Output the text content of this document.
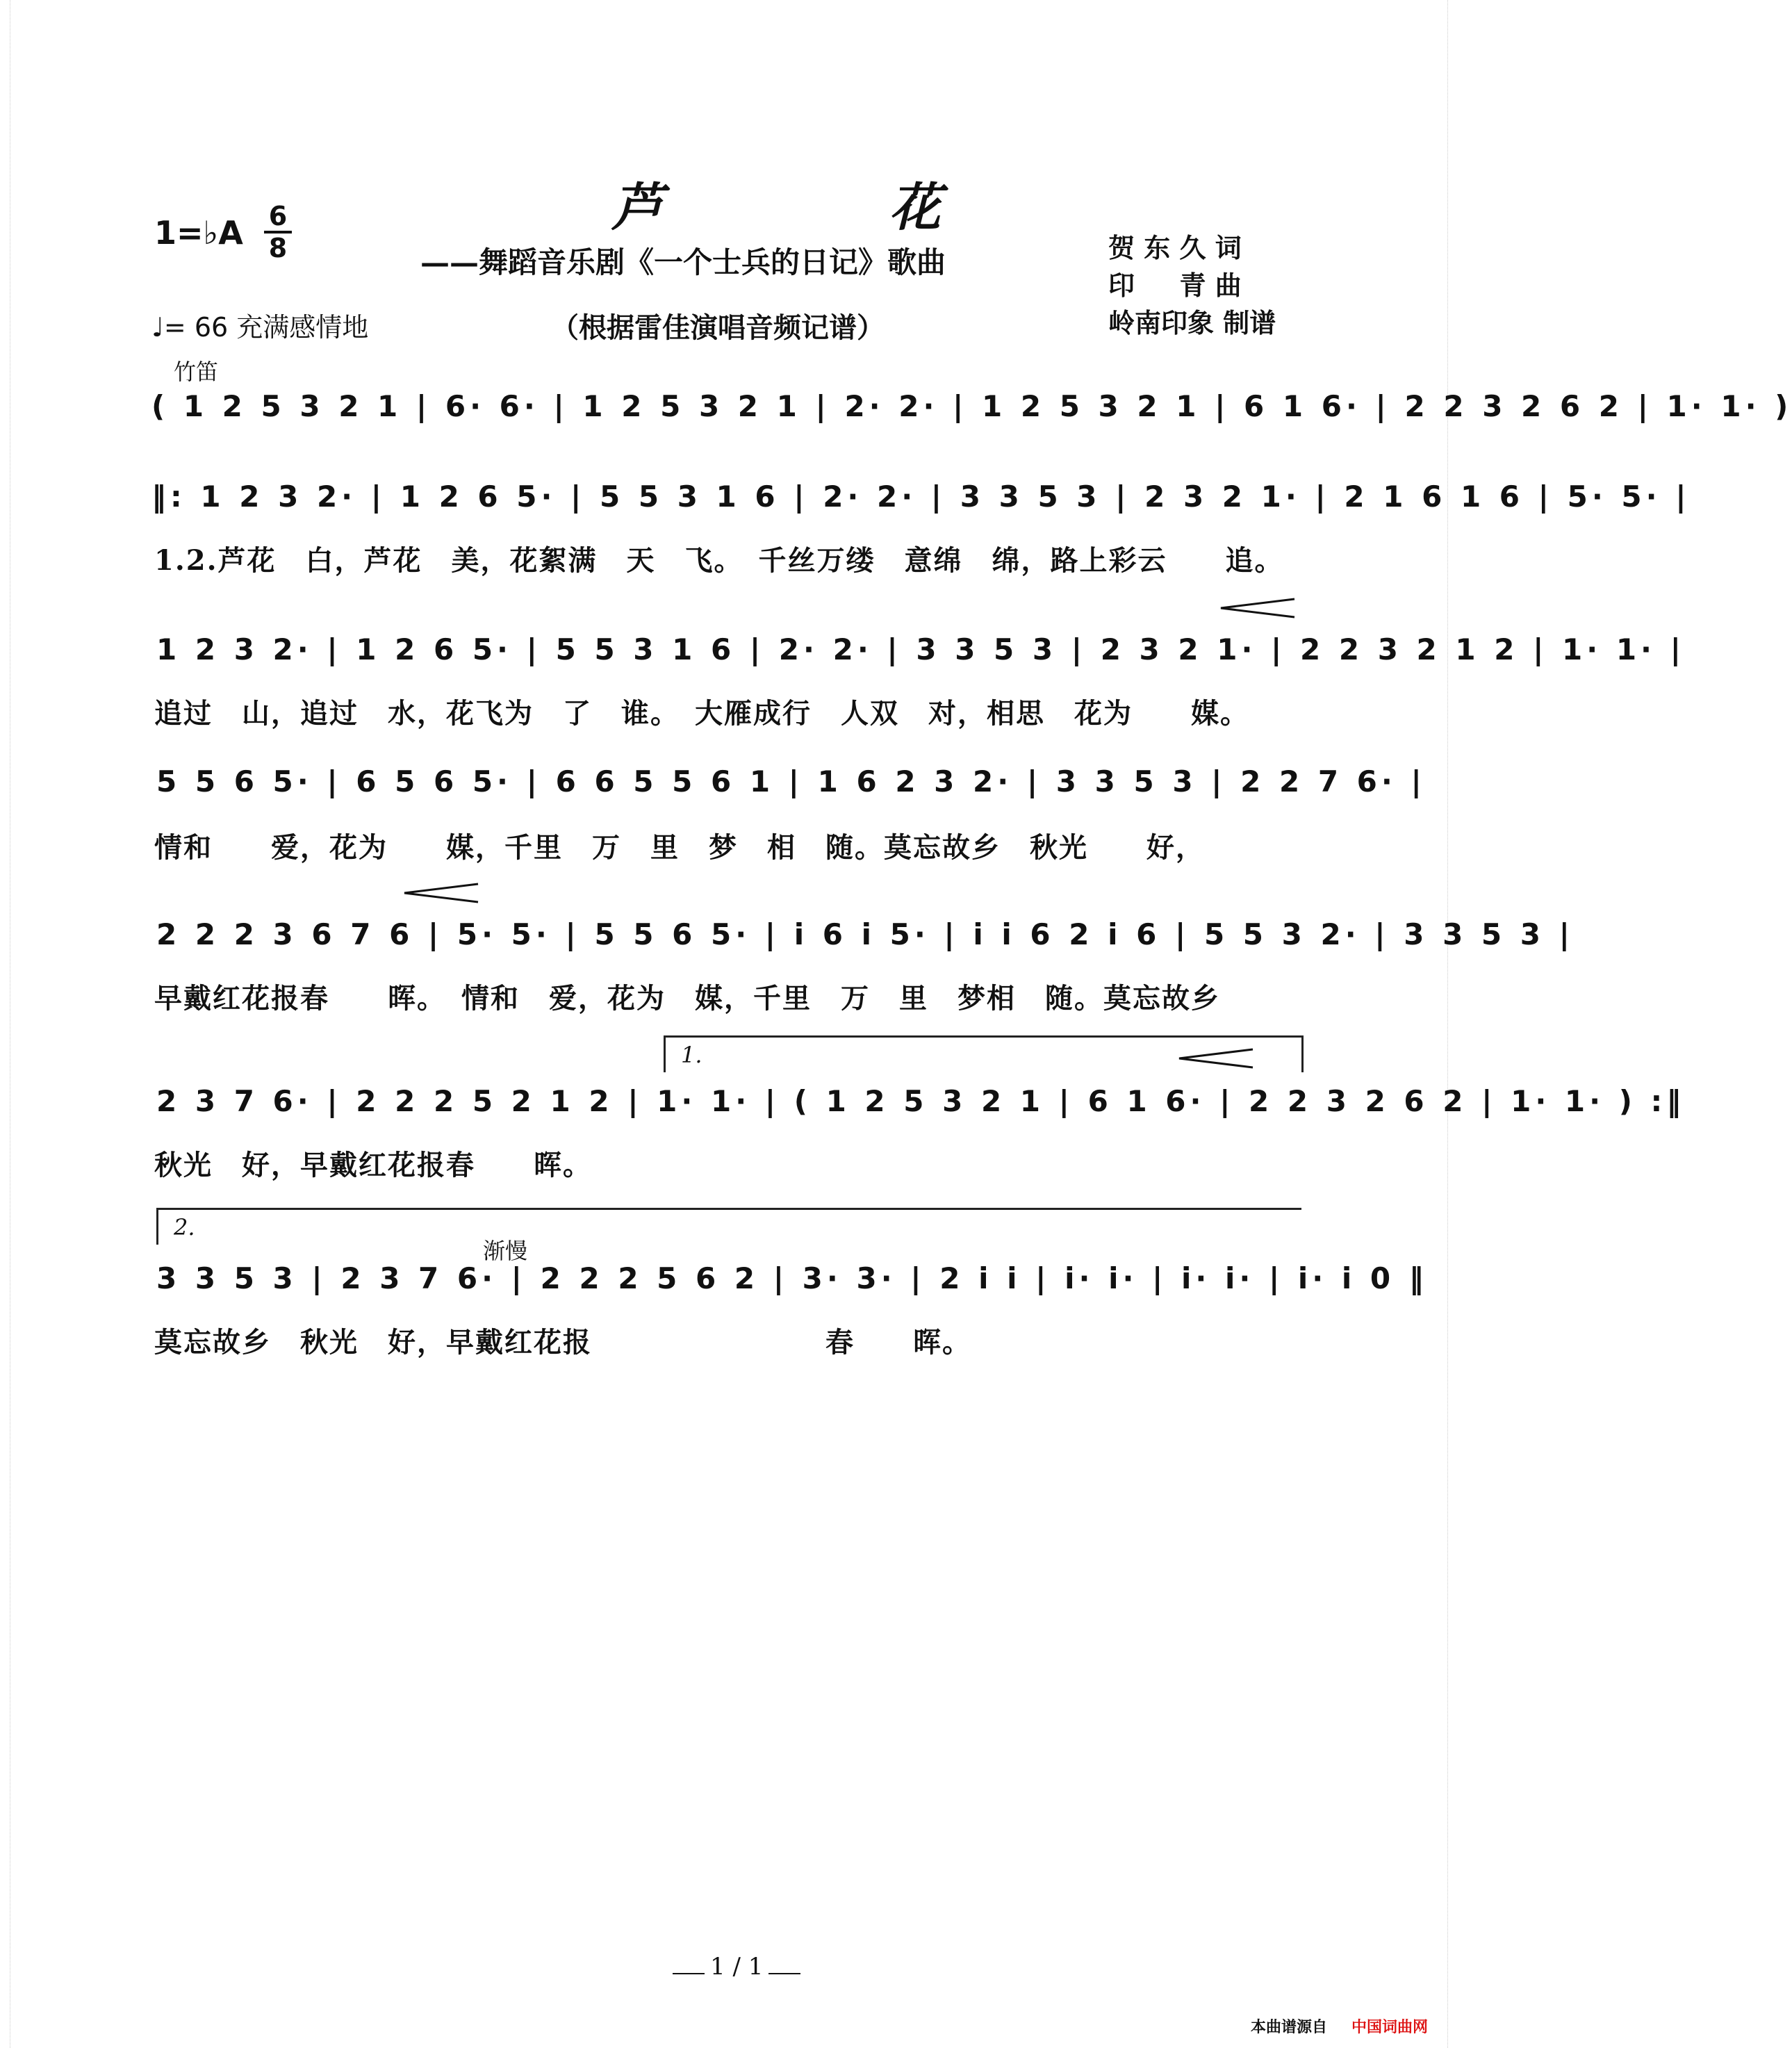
芦 花
——舞蹈音乐剧《一个士兵的日记》歌曲
（根据雷佳演唱音频记谱）
1=♭A 6
8
♩= 66 充满感情地
贺 东 久 词
印 　 青 曲
岭南印象 制谱
竹笛
( 1 2 5 3 2 1 | 6· 6· | 1 2 5 3 2 1 | 2· 2· | 1 2 5 3 2 1 | 6 1 6· | 2 2 3 2 6 2 | 1· 1· )
‖: 1 2 3 2· | 1 2 6 5· | 5 5 3 1 6 | 2· 2· | 3 3 5 3 | 2 3 2 1· | 2 1 6 1 6 | 5· 5· |
1.2.芦花　白，芦花　美，花絮满　天　飞。　千丝万缕　意绵　绵，路上彩云　　追。
1 2 3 2· | 1 2 6 5· | 5 5 3 1 6 | 2· 2· | 3 3 5 3 | 2 3 2 1· | 2 2 3 2 1 2 | 1· 1· |
追过　山，追过　水，花飞为　了　谁。　大雁成行　人双　对，相思　花为　　媒。
5 5 6 5· | 6 5 6 5· | 6 6 5 5 6 1 | 1 6 2 3 2· | 3 3 5 3 | 2 2 7 6· |
情和　　爱，花为　　媒，千里　万　里　梦　相　随。莫忘故乡　秋光　　好，
2 2 2 3 6 7 6 | 5· 5· | 5 5 6 5· | i 6 i 5· | i i 6 2 i 6 | 5 5 3 2· | 3 3 5 3 |
早戴红花报春　　晖。　情和　爱，花为　媒，千里　万　里　梦相　随。莫忘故乡
1.
2 3 7 6· | 2 2 2 5 2 1 2 | 1· 1· | ( 1 2 5 3 2 1 | 6 1 6· | 2 2 3 2 6 2 | 1· 1· ) :‖
秋光　好，早戴红花报春　　晖。
2.
渐慢
3 3 5 3 | 2 3 7 6· | 2 2 2 5 6 2 | 3· 3· | 2 i i | i· i· | i· i· | i· i 0 ‖
莫忘故乡　秋光　好，早戴红花报　　　　　　　　春　　晖。
1 / 1
本曲谱源自 中国词曲网
